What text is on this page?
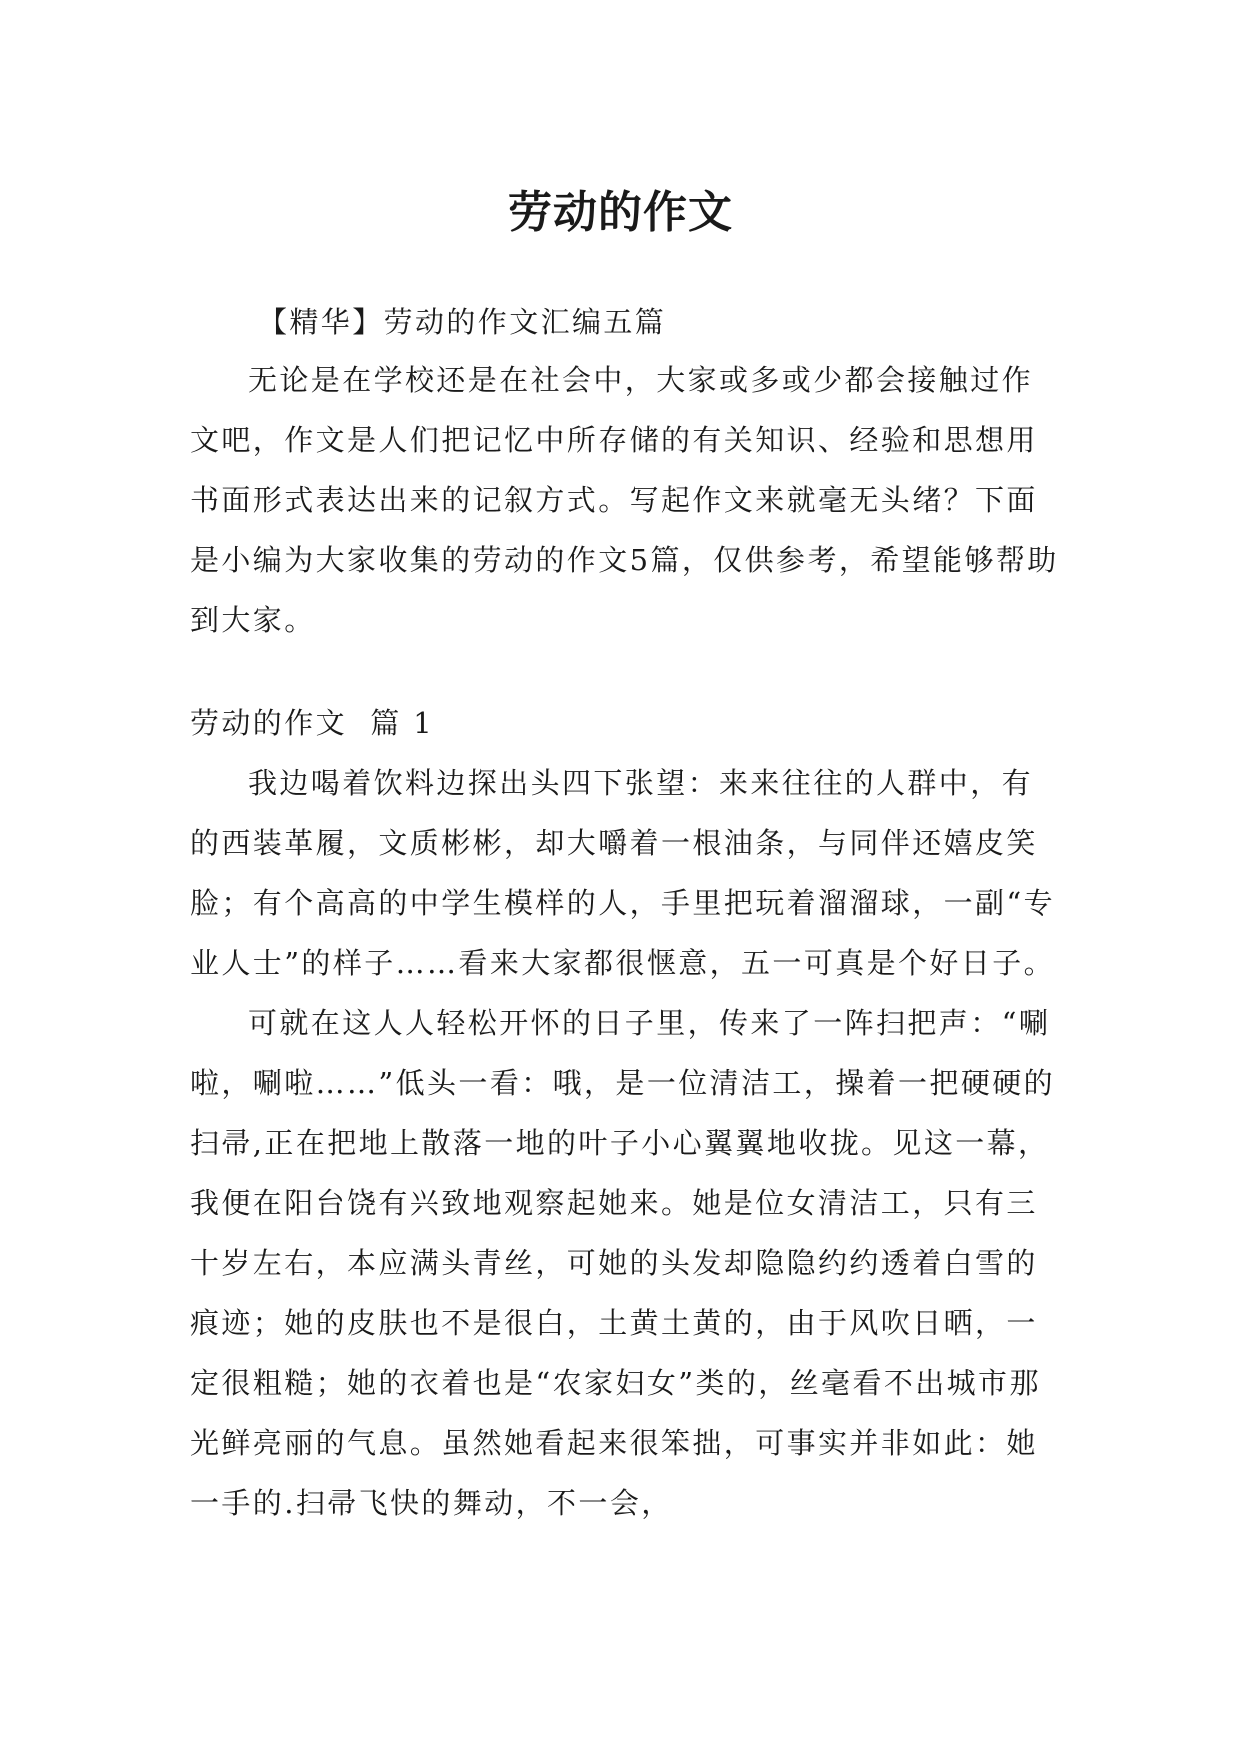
劳动的作文

【精华】劳动的作文汇编五篇

无论是在学校还是在社会中，大家或多或少都会接触过作文吧，作文是人们把记忆中所存储的有关知识、经验和思想用书面形式表达出来的记叙方式。写起作文来就毫无头绪？下面是小编为大家收集的劳动的作文5篇，仅供参考，希望能够帮助到大家。

劳动的作文  篇 1

我边喝着饮料边探出头四下张望：来来往往的人群中，有的西装革履，文质彬彬，却大嚼着一根油条，与同伴还嬉皮笑脸；有个高高的中学生模样的人，手里把玩着溜溜球，一副“专业人士”的样子……看来大家都很惬意，五一可真是个好日子。

可就在这人人轻松开怀的日子里，传来了一阵扫把声：“唰啦，唰啦……”低头一看：哦，是一位清洁工，操着一把硬硬的扫帚,正在把地上散落一地的叶子小心翼翼地收拢。见这一幕，我便在阳台饶有兴致地观察起她来。她是位女清洁工，只有三十岁左右，本应满头青丝，可她的头发却隐隐约约透着白雪的痕迹；她的皮肤也不是很白，土黄土黄的，由于风吹日晒，一定很粗糙；她的衣着也是“农家妇女”类的，丝毫看不出城市那光鲜亮丽的气息。虽然她看起来很笨拙，可事实并非如此：她一手的.扫帚飞快的舞动，不一会，
